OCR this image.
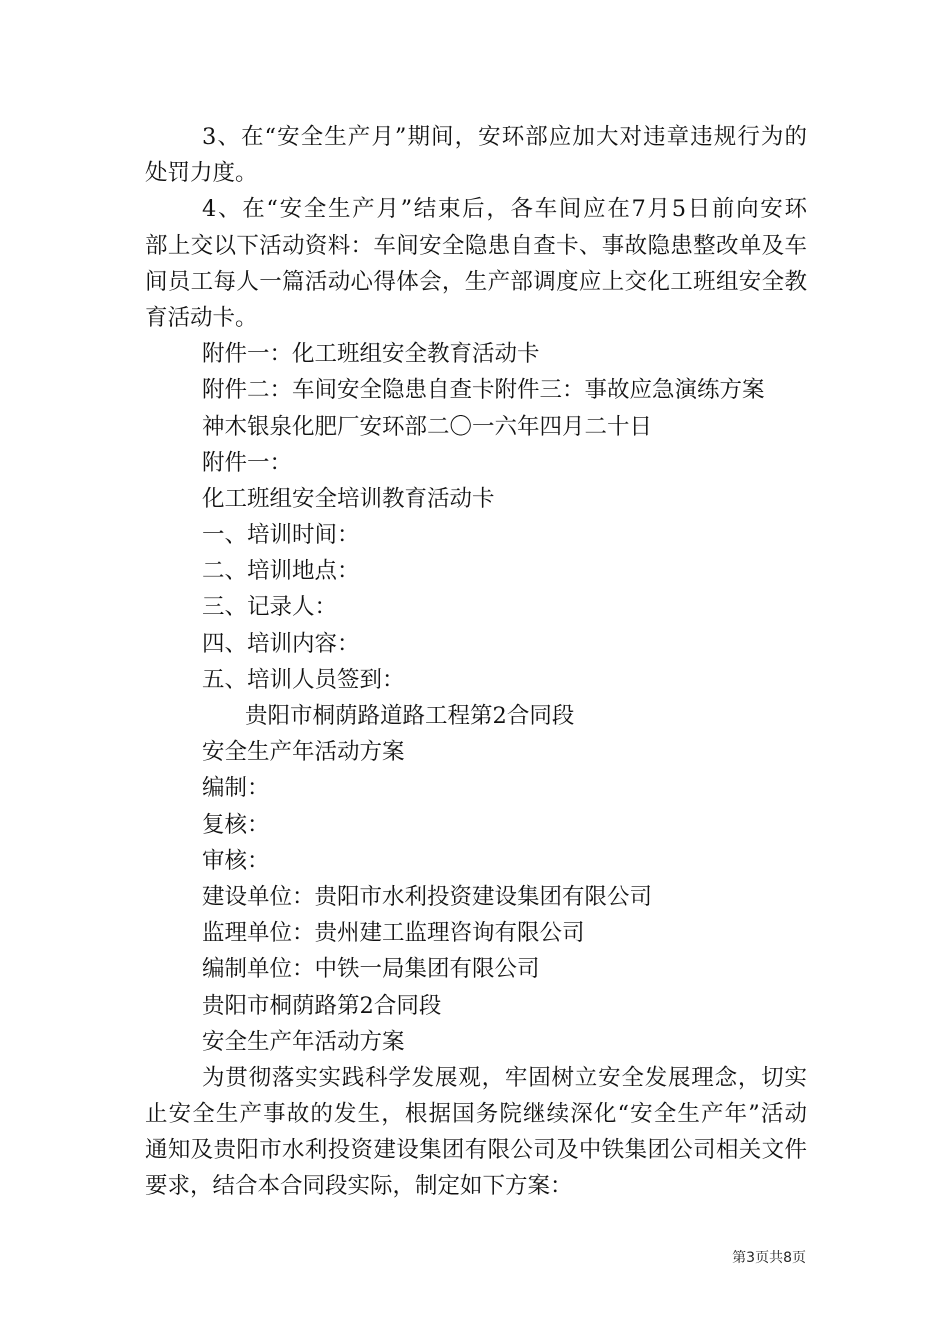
3、在“安全生产月”期间，安环部应加大对违章违规行为的
处罚力度。
4、在“安全生产月”结束后，各车间应在7月5日前向安环
部上交以下活动资料：车间安全隐患自查卡、事故隐患整改单及车
间员工每人一篇活动心得体会，生产部调度应上交化工班组安全教
育活动卡。
附件一：化工班组安全教育活动卡
附件二：车间安全隐患自查卡附件三：事故应急演练方案
神木银泉化肥厂安环部二〇一六年四月二十日
附件一：
化工班组安全培训教育活动卡
一、培训时间：
二、培训地点：
三、记录人：
四、培训内容：
五、培训人员签到：
贵阳市桐荫路道路工程第2合同段
安全生产年活动方案
编制：
复核：
审核：
建设单位：贵阳市水利投资建设集团有限公司
监理单位：贵州建工监理咨询有限公司
编制单位：中铁一局集团有限公司
贵阳市桐荫路第2合同段
安全生产年活动方案
为贯彻落实实践科学发展观，牢固树立安全发展理念，切实
止安全生产事故的发生，根据国务院继续深化“安全生产年”活动
通知及贵阳市水利投资建设集团有限公司及中铁集团公司相关文件
要求，结合本合同段实际，制定如下方案：
第3页共8页
